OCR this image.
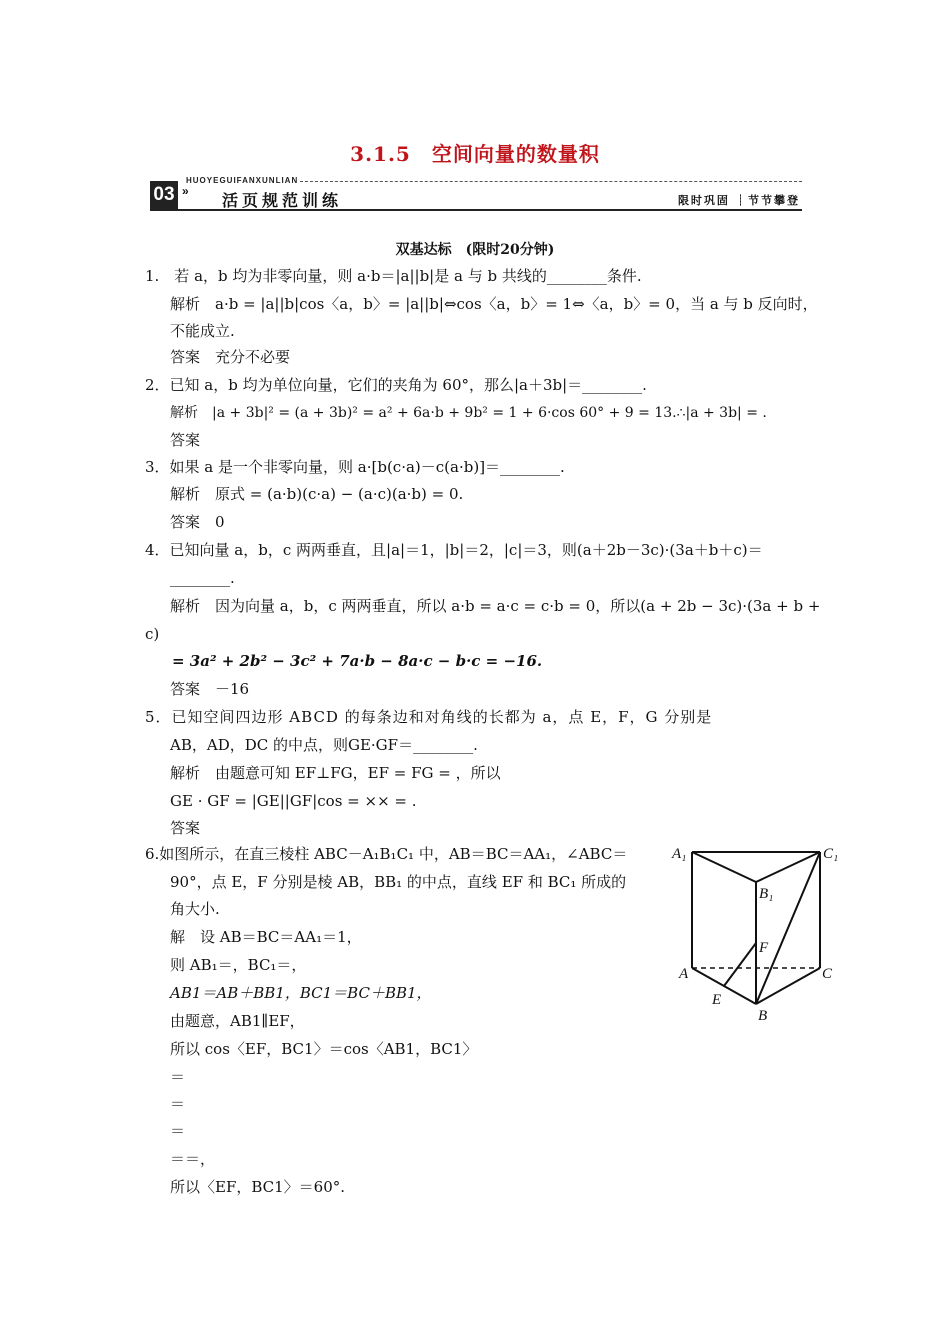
3.1.5　空间向量的数量积
HUOYEGUIFANXUNLIAN
03 »
活页规范训练	限时巩固 ┊节节攀登
双基达标　(限时20分钟)
1.　若 a，b 均为非零向量，则 a·b＝|a||b|是 a 与 b 共线的________条件.
解析　a·b = |a||b|cos〈a，b〉= |a||b|⇔cos〈a，b〉= 1⇔〈a，b〉= 0，当 a 与 b 反向时，
不能成立.
答案　充分不必要
2．已知 a，b 均为单位向量，它们的夹角为 60°，那么|a＋3b|＝________.
解析　|a + 3b|² = (a + 3b)² = a² + 6a·b + 9b² = 1 + 6·cos 60° + 9 = 13.∴|a + 3b| = .
答案
3．如果 a 是一个非零向量，则 a·[b(c·a)－c(a·b)]＝________.
解析　原式 = (a·b)(c·a) − (a·c)(a·b) = 0.
答案　0
4．已知向量 a，b，c 两两垂直，且|a|＝1，|b|＝2，|c|＝3，则(a＋2b－3c)·(3a＋b＋c)＝
________.
解析　因为向量 a，b，c 两两垂直，所以 a·b = a·c = c·b = 0，所以(a + 2b − 3c)·(3a + b +
c)
= 3a² + 2b² − 3c² + 7a·b − 8a·c − b·c = −16.
答案　－16
5．已知空间四边形 ABCD 的每条边和对角线的长都为 a，点 E，F，G 分别是
AB，AD，DC 的中点，则GE·GF＝________.
解析　由题意可知 EF⊥FG，EF = FG = ，所以
GE · GF = |GE||GF|cos = ×× = .
答案
6.如图所示，在直三棱柱 ABC－A₁B₁C₁ 中，AB＝BC＝AA₁，∠ABC＝
90°，点 E，F 分别是棱 AB，BB₁ 的中点，直线 EF 和 BC₁ 所成的
角大小.
解　设 AB＝BC＝AA₁＝1，
则 AB₁＝，BC₁＝，
AB1＝AB＋BB1，BC1＝BC＋BB1，
由题意，AB1∥EF，
所以 cos〈EF，BC1〉＝cos〈AB1，BC1〉
＝
＝
＝
＝＝，
所以〈EF，BC1〉＝60°.
A₁	C₁
B₁
F
A	C
E
B
